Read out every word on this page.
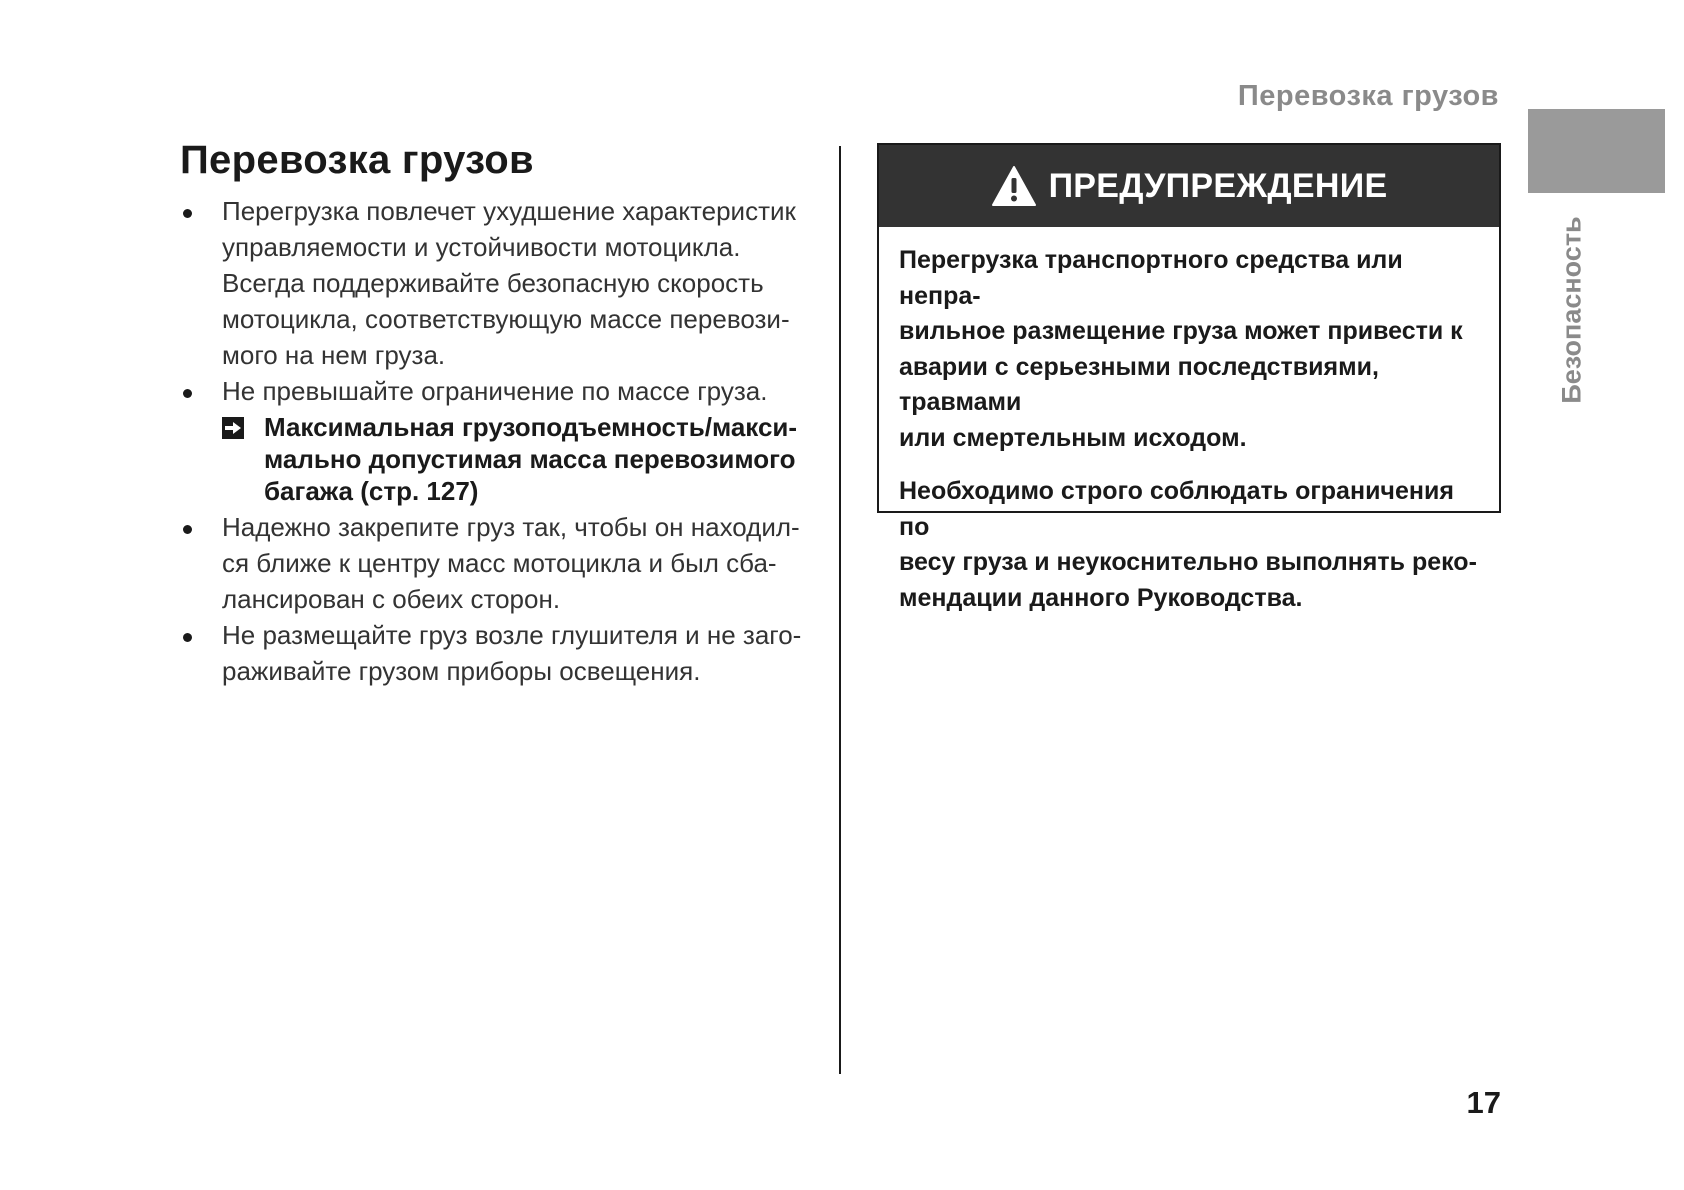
Перевозка грузов
Безопасность
Перевозка грузов
Перегрузка повлечет ухудшение характеристик
управляемости и устойчивости мотоцикла.
Всегда поддерживайте безопасную скорость
мотоцикла, соответствующую массе перевози-
мого на нем груза.
Не превышайте ограничение по массе груза.
Максимальная грузоподъемность/макси-
мально допустимая масса перевозимого
багажа (
стр. 127)
Надежно закрепите груз так, чтобы он находил-
ся ближе к центру масс мотоцикла и был сба-
лансирован с обеих сторон.
Не размещайте груз возле глушителя и не заго-
раживайте грузом приборы освещения.
ПРЕДУПРЕЖДЕНИЕ

Перегрузка транспортного средства или непра-
вильное размещение груза может привести к
аварии с серьезными последствиями, травмами
или смертельным исходом.

Необходимо строго соблюдать ограничения по
весу груза и неукоснительно выполнять реко-
мендации данного Руководства.

17
